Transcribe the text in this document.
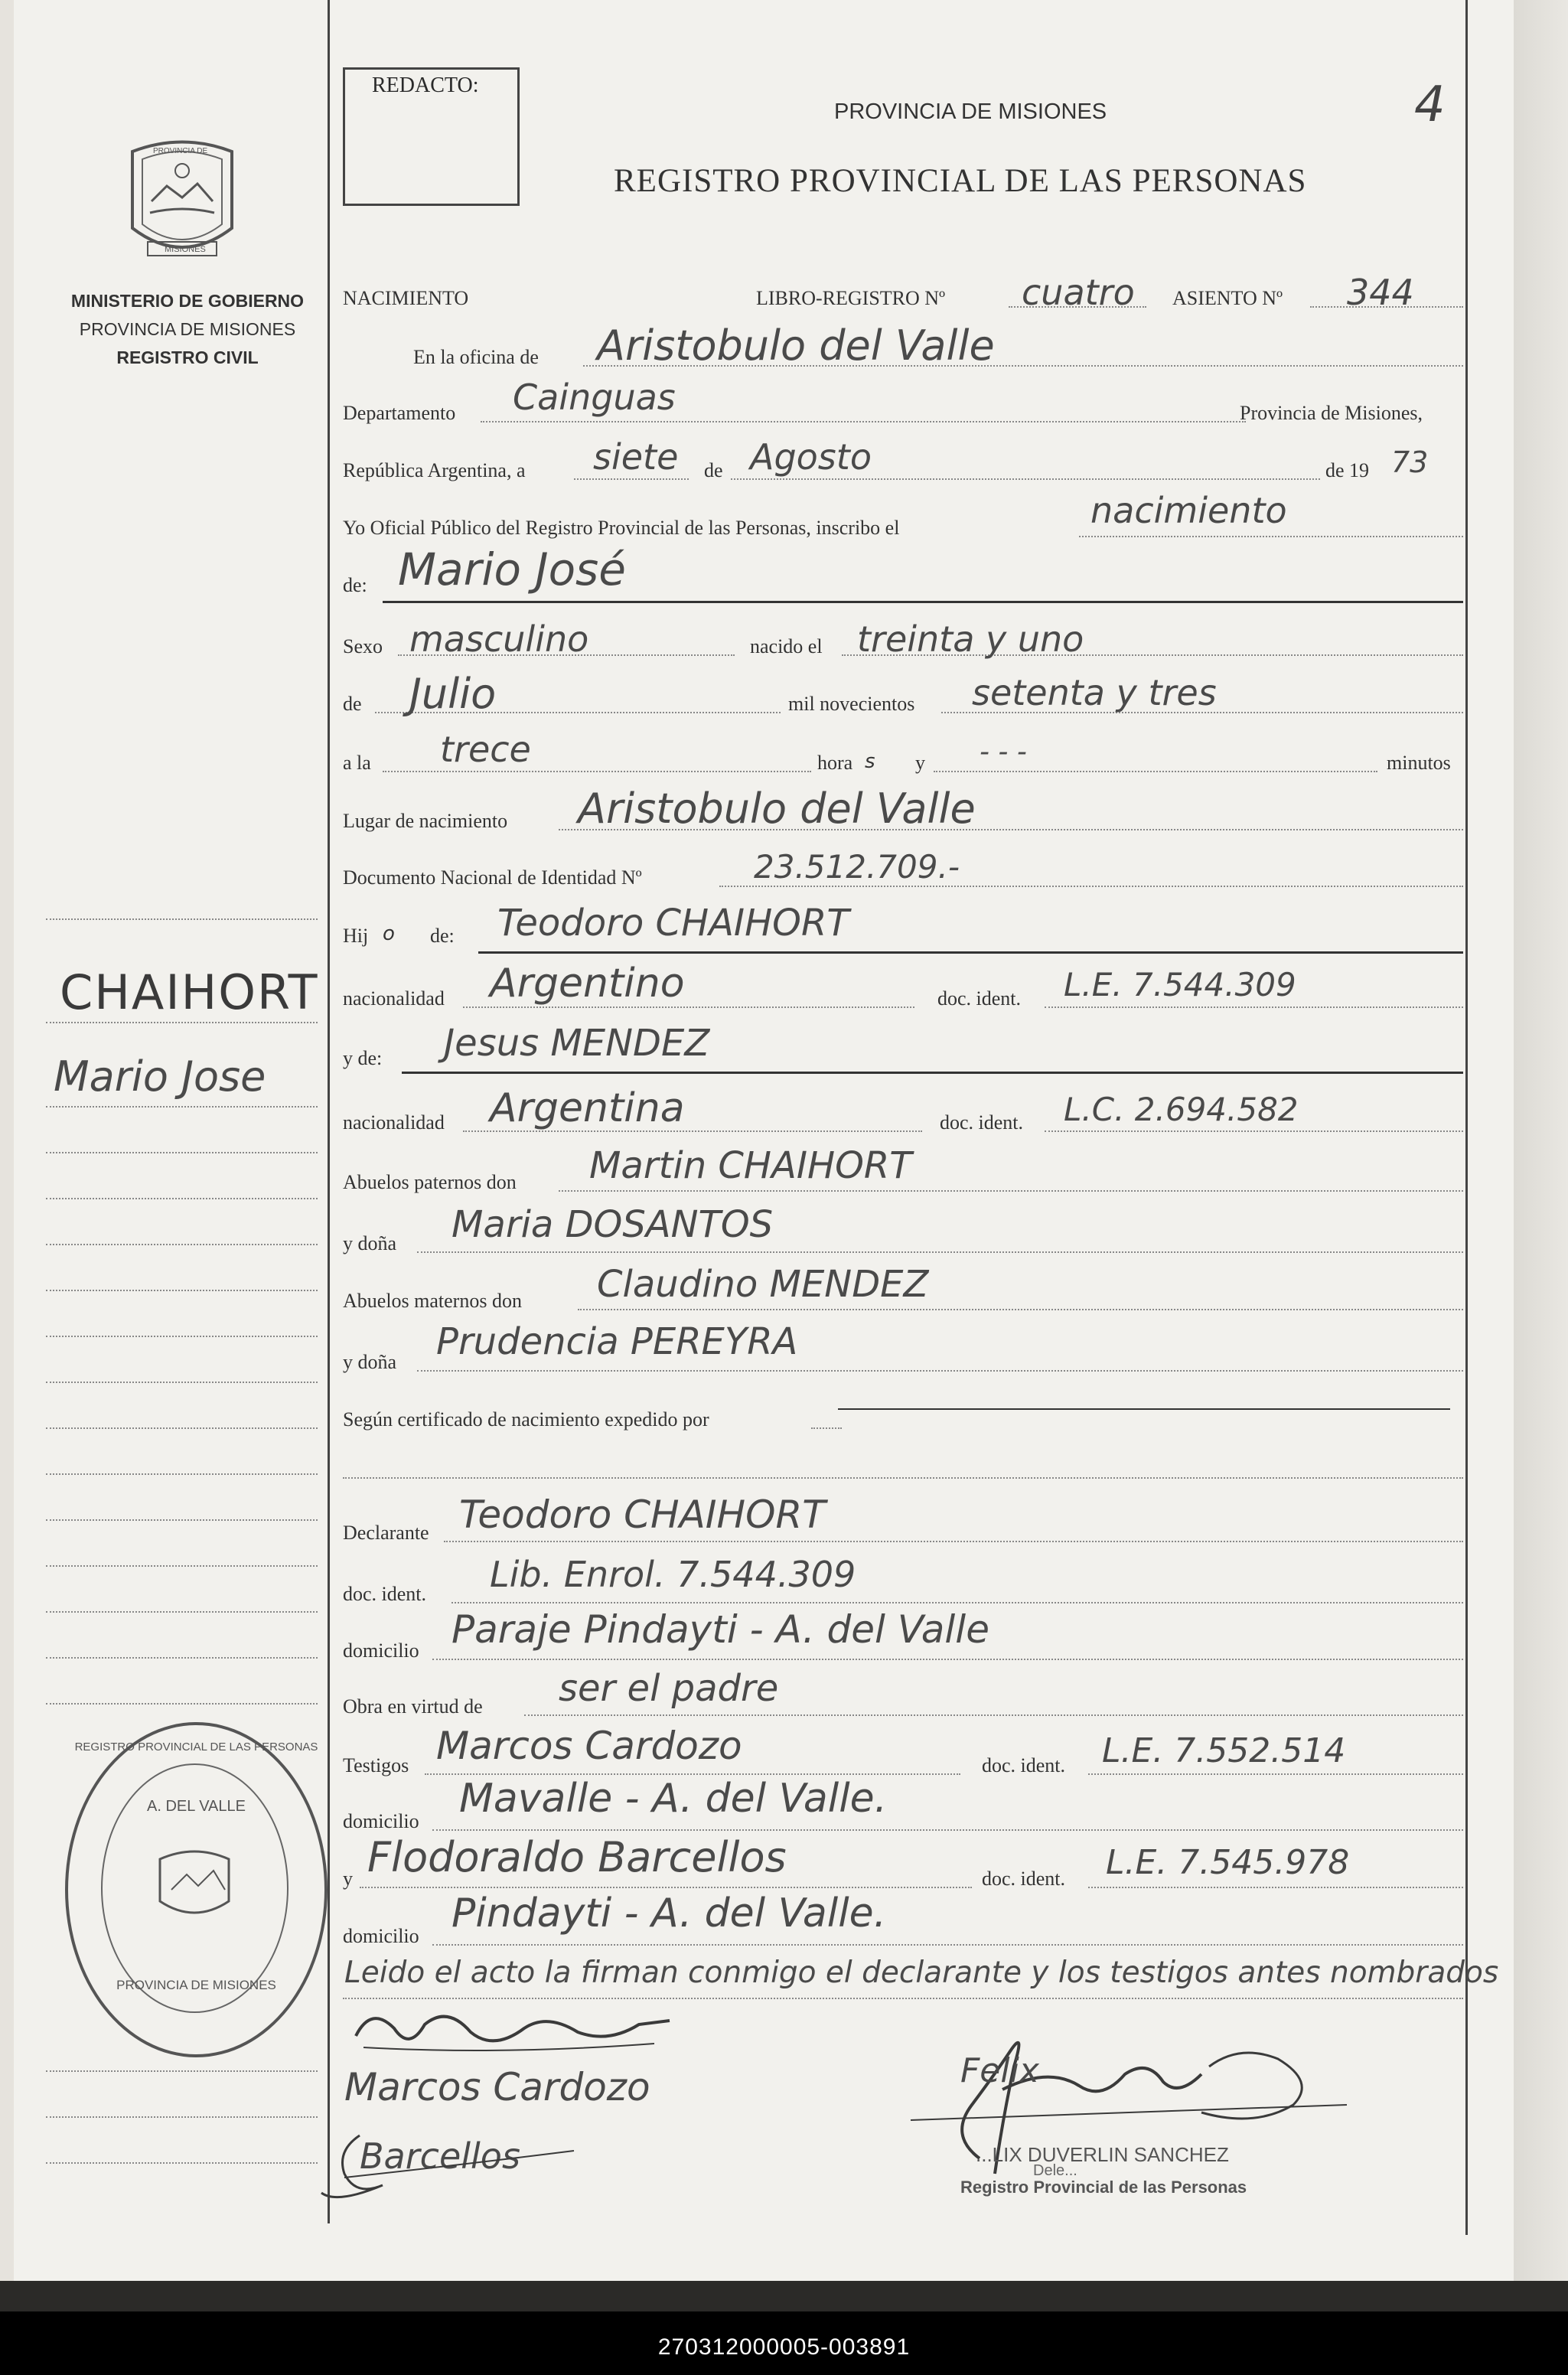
PROVINCIA DE
MISIONES
MINISTERIO DE GOBIERNO
PROVINCIA DE MISIONES
REGISTRO CIVIL
CHAIHORT
Mario Jose
REGISTRO PROVINCIAL DE LAS PERSONAS
A. DEL VALLE
PROVINCIA DE MISIONES
REDACTO:	4
PROVINCIA DE MISIONES
REGISTRO PROVINCIAL DE LAS PERSONAS
NACIMIENTO	LIBRO-REGISTRO Nº cuatro ASIENTO Nº 344
En la oficina de Aristobulo del Valle
Departamento Cainguas	Provincia de Misiones,
República Argentina, a siete de Agosto	de 19 73
Yo Oficial Público del Registro Provincial de las Personas, inscribo el	nacimiento
de: Mario José
Sexo masculino	nacido el treinta y uno
de Julio	mil novecientos setenta y tres
a la trece	hora s y - - -	minutos
Lugar de nacimiento Aristobulo del Valle
Documento Nacional de Identidad Nº	23.512.709.-
Hij o de: Teodoro CHAIHORT
nacionalidad Argentino	doc. ident. L.E. 7.544.309
y de: Jesus MENDEZ
nacionalidad Argentina	doc. ident. L.C. 2.694.582
Abuelos paternos don Martin CHAIHORT
y doña Maria DOSANTOS
Abuelos maternos don Claudino MENDEZ
y doña Prudencia PEREYRA
Según certificado de nacimiento expedido por
Declarante Teodoro CHAIHORT
doc. ident. Lib. Enrol. 7.544.309
domicilio Paraje Pindayti - A. del Valle
Obra en virtud de ser el padre
Testigos Marcos Cardozo	doc. ident. L.E. 7.552.514
domicilio Mavalle - A. del Valle.
y Flodoraldo Barcellos	doc. ident. L.E. 7.545.978
domicilio Pindayti - A. del Valle.
Leido el acto la firman conmigo el declarante y los testigos antes nombrados
Marcos Cardozo
Barcellos
Felix
...LIX DUVERLIN SANCHEZ
Dele...
Registro Provincial de las Personas
270312000005-003891
